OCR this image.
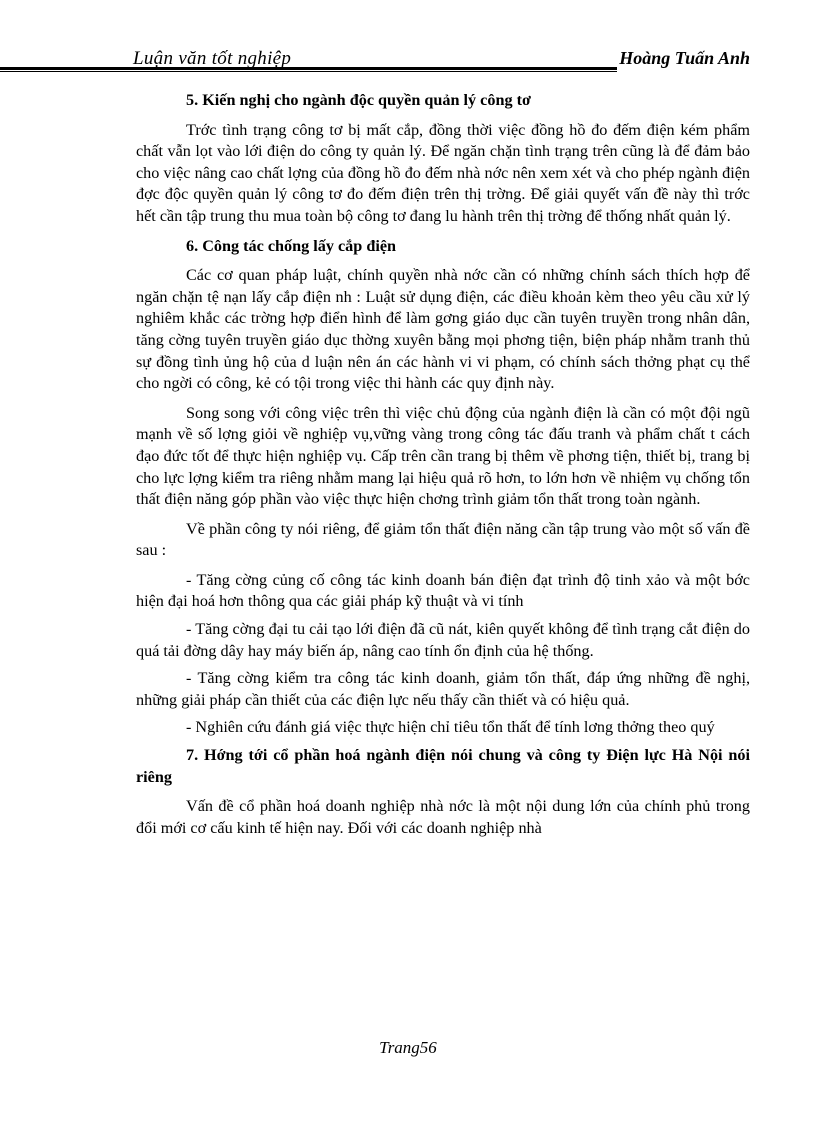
Luận văn tốt nghiệp	Hoàng Tuấn Anh

5. Kiến nghị cho ngành độc quyền quản lý công tơ

Trớc tình trạng công tơ bị mất cắp, đồng thời việc đồng hồ đo đếm điện kém phẩm chất vẫn lọt vào lới điện do công ty quản lý. Để ngăn chặn tình trạng trên cũng là để đảm bảo cho việc nâng cao chất lợng của đồng hồ đo đếm nhà nớc nên xem xét và cho phép ngành điện đợc độc quyền quản lý công tơ đo đếm điện trên thị trờng. Để giải quyết vấn đề này thì trớc hết cần tập trung thu mua toàn bộ công tơ đang lu hành trên thị trờng để thống nhất quản lý.

6. Công tác chống lấy cắp điện

Các cơ quan pháp luật, chính quyền nhà nớc cần có những chính sách thích hợp để ngăn chặn tệ nạn lấy cắp điện nh : Luật sử dụng điện, các điều khoản kèm theo yêu cầu xử lý nghiêm khắc các trờng hợp điển hình để làm gơng giáo dục cần tuyên truyền trong nhân dân, tăng cờng tuyên truyền giáo dục thờng xuyên bằng mọi phơng tiện, biện pháp nhằm tranh thủ sự đồng tình ủng hộ của d luận nên án các hành vi vi phạm, có chính sách thởng phạt cụ thể cho ngời có công, kẻ có tội trong việc thi hành các quy định này.

Song song với công việc trên thì việc chủ động của ngành điện là cần có một đội ngũ mạnh về số lợng giỏi về nghiệp vụ,vững vàng trong công tác đấu tranh và phẩm chất t cách đạo đức tốt để thực hiện nghiệp vụ. Cấp trên cần trang bị thêm về phơng tiện, thiết bị, trang bị cho lực lợng kiểm tra riêng nhằm mang lại hiệu quả rõ hơn, to lớn hơn về nhiệm vụ chống tổn thất điện năng góp phần vào việc thực hiện chơng trình giảm tổn thất trong toàn ngành.

Về phần công ty nói riêng, để giảm tổn thất điện năng cần tập trung vào một số vấn đề sau :

- Tăng cờng củng cố công tác kinh doanh bán điện đạt trình độ tinh xảo và một bớc hiện đại hoá hơn thông qua các giải pháp kỹ thuật và vi tính

- Tăng cờng đại tu cải tạo lới điện đã cũ nát, kiên quyết không để tình trạng cắt điện do quá tải đờng dây hay máy biến áp, nâng cao tính ổn định của hệ thống.

- Tăng cờng kiểm tra công tác kinh doanh, giảm tổn thất, đáp ứng những đề nghị, những giải pháp cần thiết của các điện lực nếu thấy cần thiết và có hiệu quả.

- Nghiên cứu đánh giá việc thực hiện chỉ tiêu tổn thất để tính lơng thởng theo quý

7. Hớng tới cổ phần hoá ngành điện nói chung và công ty Điện lực Hà Nội nói riêng

Vấn đề cổ phần hoá doanh nghiệp nhà nớc là một nội dung lớn của chính phủ trong đổi mới cơ cấu kinh tế hiện nay. Đối với các doanh nghiệp nhà

Trang56
